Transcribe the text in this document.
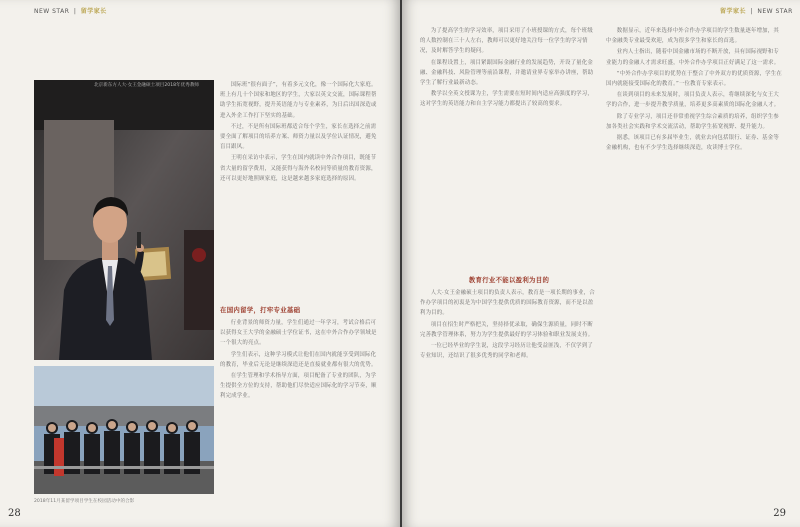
NEW STAR | 留学家长
北京新东方人大·女王金融硕士项目2018年优秀教师	国际班“很有面子”，有着多元文化，像一个国际化大家庭。班上有几十个国家和地区的学生，大家以英文交流，国际课程帮助学生拓宽视野，提升英语能力与专业素养，为日后出国深造或进入外企工作打下坚实的基础。

不过，不是所有国际班都适合每个学生，家长在选择之前需要全面了解项目的培养方案、师资力量以及学位认证情况，避免盲目跟风。

王明在采访中表示，学生在国内就读中外合作项目，既能节省大量的留学费用，又能获得与海外名校同等质量的教育资源，还可以更好地照顾家庭，这是越来越多家庭选择的原因。

在国内留学，打牢专业基础

行业背景的师资力量，学生们通过一年学习，考试合格后可以获得女王大学的金融硕士学位证书，这在中外合作办学领域是一个很大的亮点。

学生们表示，这种学习模式让他们在国内就能享受到国际化的教育，毕业后无论是继续深造还是直接就业都有很大的优势。

在学生管理和学术指导方面，项目配备了专业的团队，为学生提供全方位的支持，帮助他们尽快适应国际化的学习节奏，顺利完成学业。

2018年11月某留学项目学生在校园活动中的合影
28
留学家长 | NEW STAR

为了提高学生的学习效率，项目采用了小班授课的方式，每个班级的人数控制在三十人左右，教师可以更好地关注每一位学生的学习情况，及时解答学生的疑问。

在课程设置上，项目紧跟国际金融行业的发展趋势，开设了量化金融、金融科技、风险管理等前沿课程，并邀请业界专家举办讲座，帮助学生了解行业最新动态。

教学以全英文授课为主，学生需要在短时间内适应高强度的学习，这对学生的英语能力和自主学习能力都提出了较高的要求。

教育行业不能以盈利为目的

人大·女王金融硕士项目的负责人表示，教育是一项长期的事业，合作办学项目的初衷是为中国学生提供优质的国际教育资源，而不是以盈利为目的。

项目在招生时严格把关，坚持择优录取，确保生源质量，同时不断完善教学管理体系，努力为学生提供最好的学习体验和职业发展支持。

一位已经毕业的学生说，这段学习经历让他受益匪浅，不仅学到了专业知识，还结识了很多优秀的同学和老师。

数据显示，近年来选择中外合作办学项目的学生数量逐年增加，其中金融类专业最受欢迎，成为很多学生和家长的首选。

业内人士指出，随着中国金融市场的不断开放，具有国际视野和专业能力的金融人才需求旺盛，中外合作办学项目正好满足了这一需求。

“中外合作办学项目的优势在于整合了中外双方的优质资源，学生在国内就能接受国际化的教育。”一位教育专家表示。

在谈到项目的未来发展时，项目负责人表示，将继续深化与女王大学的合作，进一步提升教学质量，培养更多高素质的国际化金融人才。

除了专业学习，项目还非常重视学生综合素质的培养，组织学生参加各类社会实践和学术交流活动，帮助学生拓宽视野、提升能力。

据悉，该项目已有多届毕业生，就业去向包括银行、证券、基金等金融机构，也有不少学生选择继续深造，攻读博士学位。

29
